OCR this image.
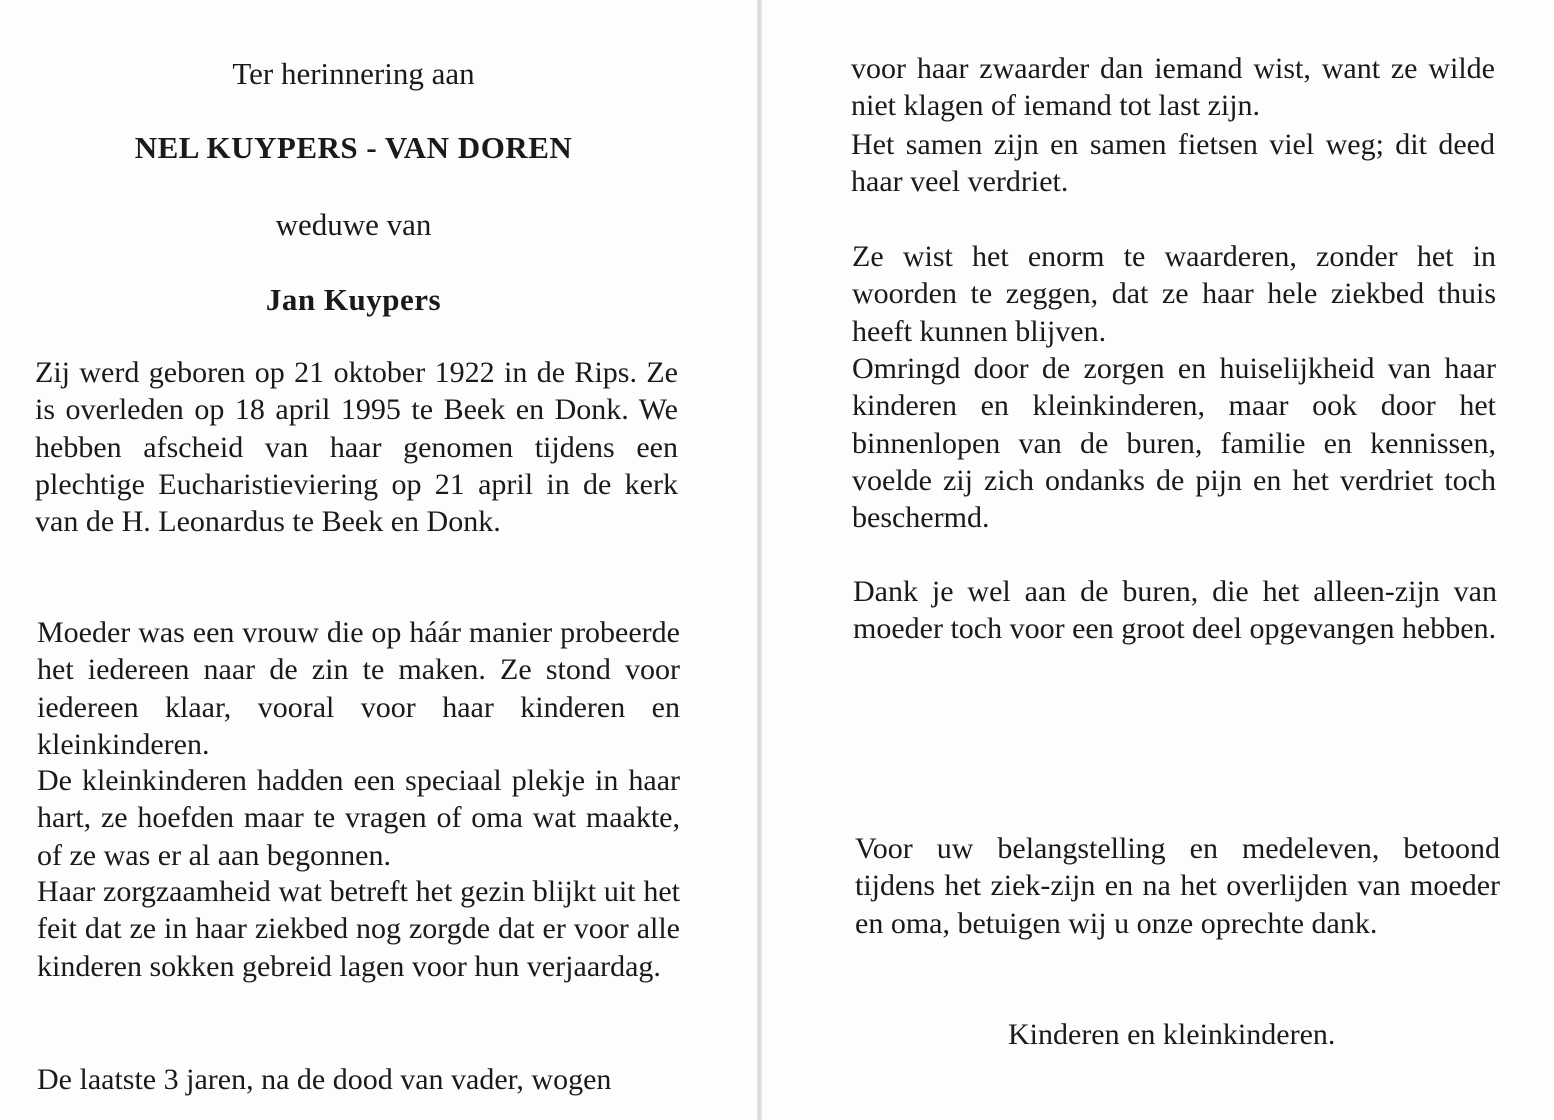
Ter herinnering aan
NEL KUYPERS - VAN DOREN
weduwe van
Jan Kuypers

Zij werd geboren op 21 oktober 1922 in de Rips. Ze is overleden op 18 april 1995 te Beek en Donk. We hebben afscheid van haar genomen tijdens een plechtige Eucharistieviering op 21 april in de kerk van de H. Leonardus te Beek en Donk.

Moeder was een vrouw die op háár manier probeerde het iedereen naar de zin te maken. Ze stond voor iedereen klaar, vooral voor haar kinderen en kleinkinderen.

De kleinkinderen hadden een speciaal plekje in haar hart, ze hoefden maar te vragen of oma wat maakte, of ze was er al aan begonnen.

Haar zorgzaamheid wat betreft het gezin blijkt uit het feit dat ze in haar ziekbed nog zorgde dat er voor alle kinderen sokken gebreid lagen voor hun verjaardag.

De laatste 3 jaren, na de dood van vader, wogen

voor haar zwaarder dan iemand wist, want ze wilde niet klagen of iemand tot last zijn.

Het samen zijn en samen fietsen viel weg; dit deed haar veel verdriet.

Ze wist het enorm te waarderen, zonder het in woorden te zeggen, dat ze haar hele ziekbed thuis heeft kunnen blijven.

Omringd door de zorgen en huiselijkheid van haar kinderen en kleinkinderen, maar ook door het binnenlopen van de buren, familie en kennissen, voelde zij zich ondanks de pijn en het verdriet toch beschermd.

Dank je wel aan de buren, die het alleen-zijn van moeder toch voor een groot deel opgevangen hebben.

Voor uw belangstelling en medeleven, betoond tijdens het ziek-zijn en na het overlijden van moeder en oma, betuigen wij u onze oprechte dank.

Kinderen en kleinkinderen.
